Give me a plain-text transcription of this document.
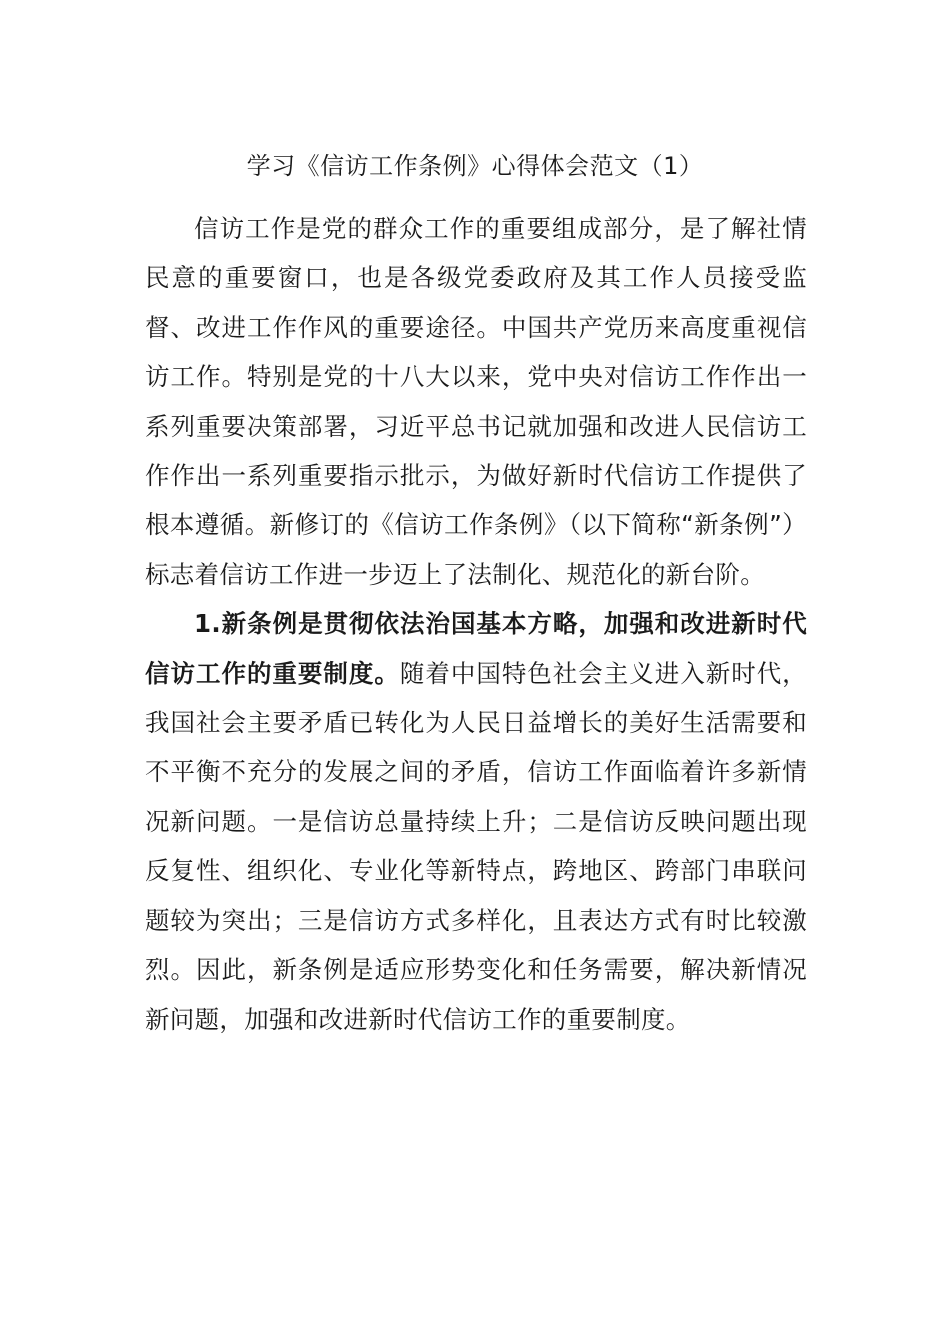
学习《信访工作条例》心得体会范文（1）

信访工作是党的群众工作的重要组成部分，是了解社情民意的重要窗口，也是各级党委政府及其工作人员接受监督、改进工作作风的重要途径。中国共产党历来高度重视信访工作。特别是党的十八大以来，党中央对信访工作作出一系列重要决策部署，习近平总书记就加强和改进人民信访工作作出一系列重要指示批示，为做好新时代信访工作提供了根本遵循。新修订的《信访工作条例》（以下简称“新条例”）标志着信访工作进一步迈上了法制化、规范化的新台阶。

1.新条例是贯彻依法治国基本方略，加强和改进新时代信访工作的重要制度。随着中国特色社会主义进入新时代，我国社会主要矛盾已转化为人民日益增长的美好生活需要和不平衡不充分的发展之间的矛盾，信访工作面临着许多新情况新问题。一是信访总量持续上升；二是信访反映问题出现反复性、组织化、专业化等新特点，跨地区、跨部门串联问题较为突出；三是信访方式多样化，且表达方式有时比较激烈。因此，新条例是适应形势变化和任务需要，解决新情况新问题，加强和改进新时代信访工作的重要制度。
